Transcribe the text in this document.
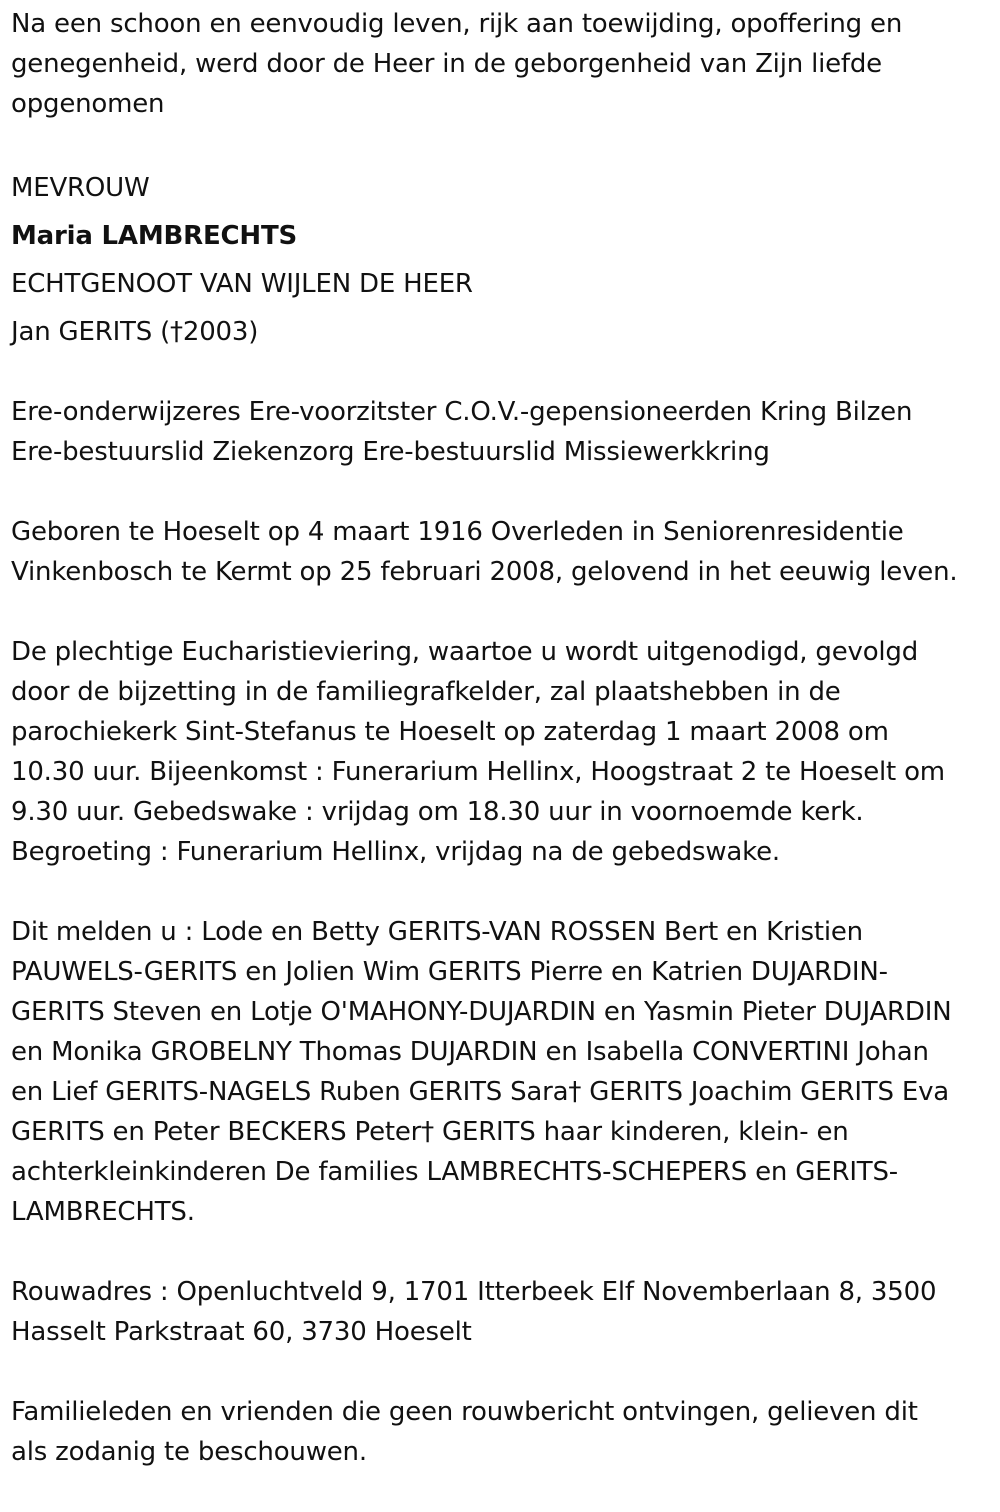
Na een schoon en eenvoudig leven, rijk aan toewijding, opoffering en

genegenheid, werd door de Heer in de geborgenheid van Zijn liefde

opgenomen

MEVROUW

Maria LAMBRECHTS

ECHTGENOOT VAN WIJLEN DE HEER

Jan GERITS (†2003)

Ere-onderwijzeres Ere-voorzitster C.O.V.-gepensioneerden Kring Bilzen

Ere-bestuurslid Ziekenzorg Ere-bestuurslid Missiewerkkring

Geboren te Hoeselt op 4 maart 1916 Overleden in Seniorenresidentie

Vinkenbosch te Kermt op 25 februari 2008, gelovend in het eeuwig leven.

De plechtige Eucharistieviering, waartoe u wordt uitgenodigd, gevolgd

door de bijzetting in de familiegrafkelder, zal plaatshebben in de

parochiekerk Sint-Stefanus te Hoeselt op zaterdag 1 maart 2008 om

10.30 uur. Bijeenkomst : Funerarium Hellinx, Hoogstraat 2 te Hoeselt om

9.30 uur. Gebedswake : vrijdag om 18.30 uur in voornoemde kerk.

Begroeting : Funerarium Hellinx, vrijdag na de gebedswake.

Dit melden u : Lode en Betty GERITS-VAN ROSSEN Bert en Kristien

PAUWELS-GERITS en Jolien Wim GERITS Pierre en Katrien DUJARDIN-

GERITS Steven en Lotje O'MAHONY-DUJARDIN en Yasmin Pieter DUJARDIN

en Monika GROBELNY Thomas DUJARDIN en Isabella CONVERTINI Johan

en Lief GERITS-NAGELS Ruben GERITS Sara† GERITS Joachim GERITS Eva

GERITS en Peter BECKERS Peter† GERITS haar kinderen, klein- en

achterkleinkinderen De families LAMBRECHTS-SCHEPERS en GERITS-

LAMBRECHTS.

Rouwadres : Openluchtveld 9, 1701 Itterbeek Elf Novemberlaan 8, 3500

Hasselt Parkstraat 60, 3730 Hoeselt

Familieleden en vrienden die geen rouwbericht ontvingen, gelieven dit

als zodanig te beschouwen.
